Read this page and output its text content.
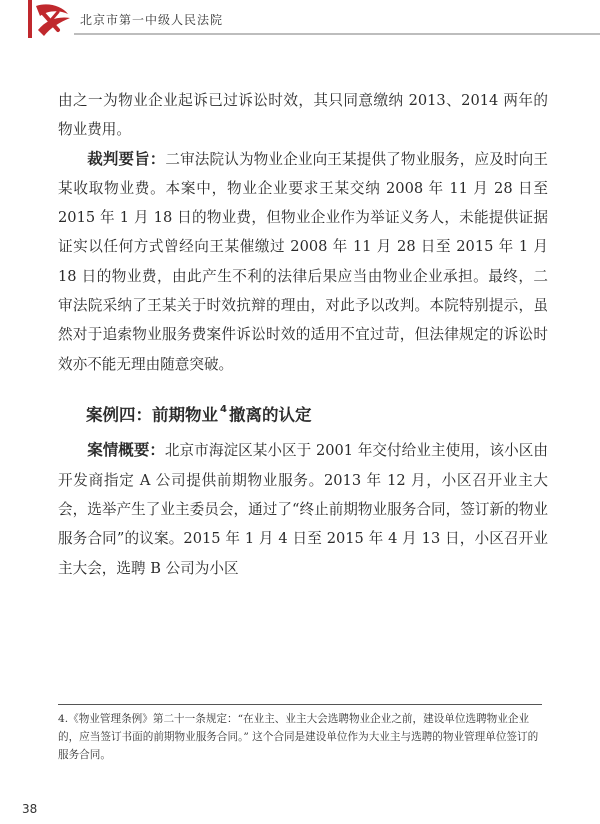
北京市第一中级人民法院

由之一为物业企业起诉已过诉讼时效，其只同意缴纳 2013、2014 两年的物业费用。

裁判要旨：二审法院认为物业企业向王某提供了物业服务，应及时向王某收取物业费。本案中，物业企业要求王某交纳 2008 年 11 月 28 日至 2015 年 1 月 18 日的物业费，但物业企业作为举证义务人，未能提供证据证实以任何方式曾经向王某催缴过 2008 年 11 月 28 日至 2015 年 1 月 18 日的物业费，由此产生不利的法律后果应当由物业企业承担。最终，二审法院采纳了王某关于时效抗辩的理由，对此予以改判。本院特别提示，虽然对于追索物业服务费案件诉讼时效的适用不宜过苛，但法律规定的诉讼时效亦不能无理由随意突破。

案例四：前期物业 $^4$ 撤离的认定

案情概要：北京市海淀区某小区于 2001 年交付给业主使用，该小区由开发商指定 A 公司提供前期物业服务。2013 年 12 月，小区召开业主大会，选举产生了业主委员会，通过了“终止前期物业服务合同，签订新的物业服务合同”的议案。2015 年 1 月 4 日至 2015 年 4 月 13 日，小区召开业主大会，选聘 B 公司为小区

4.《物业管理条例》第二十一条规定：“在业主、业主大会选聘物业企业之前，建设单位选聘物业企业的，应当签订书面的前期物业服务合同。” 这个合同是建设单位作为大业主与选聘的物业管理单位签订的服务合同。
38
